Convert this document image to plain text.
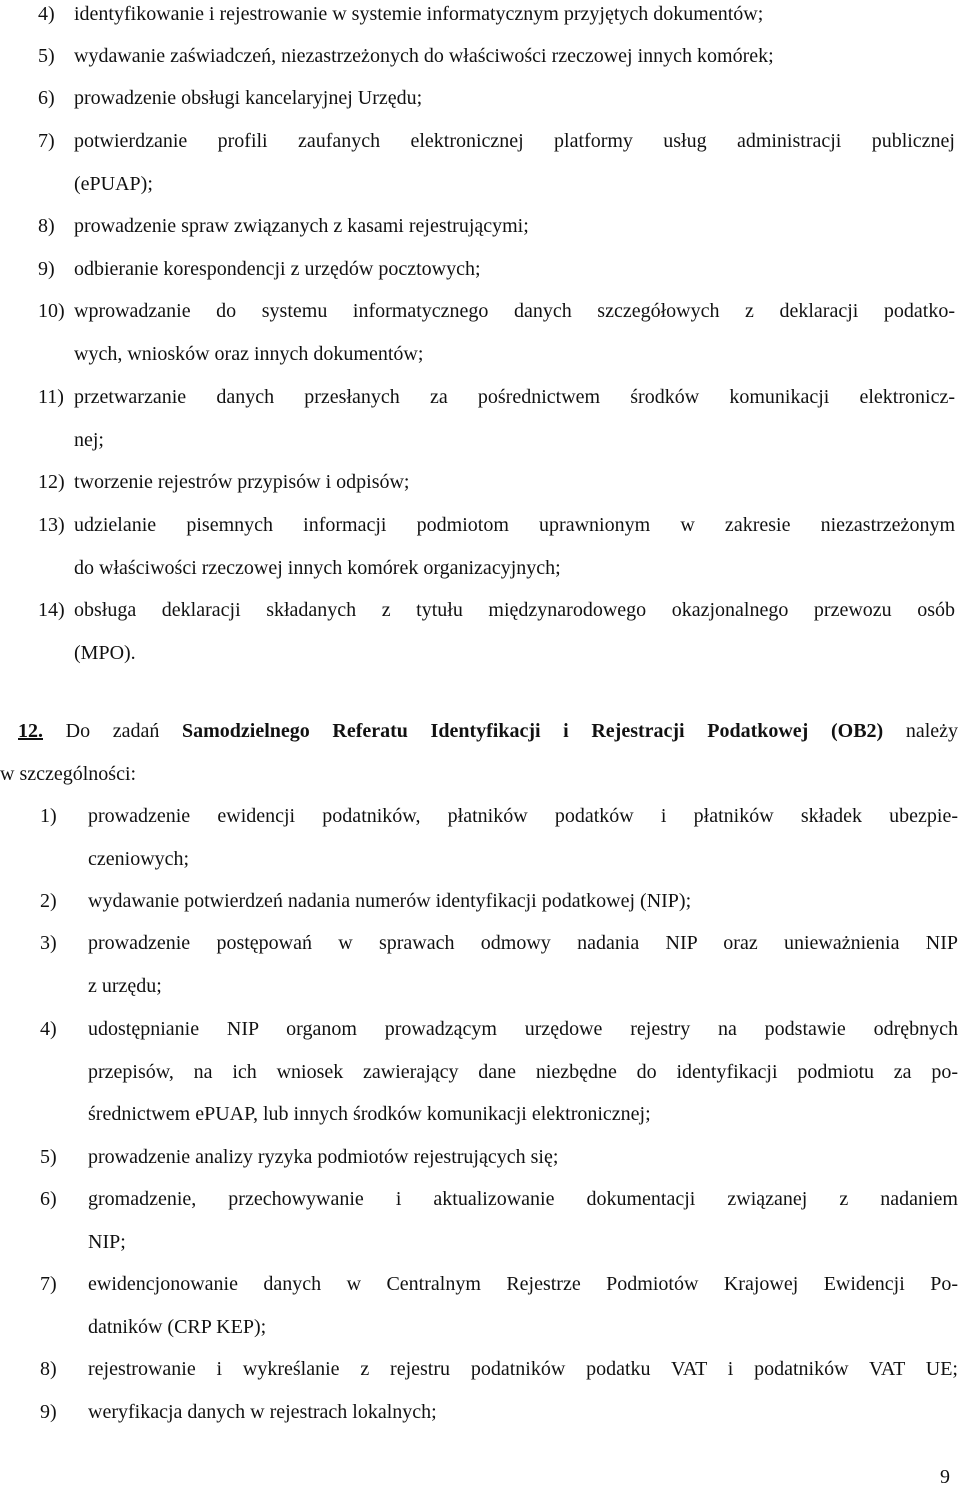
4) identyfikowanie i rejestrowanie w systemie informatycznym przyjętych dokumentów;
5) wydawanie zaświadczeń, niezastrzeżonych do właściwości rzeczowej innych komórek;
6) prowadzenie obsługi kancelaryjnej Urzędu;
7) potwierdzanie profili zaufanych elektronicznej platformy usług administracji publicznej
(ePUAP);
8) prowadzenie spraw związanych z kasami rejestrującymi;
9) odbieranie korespondencji z urzędów pocztowych;
10) wprowadzanie do systemu informatycznego danych szczegółowych z deklaracji podatko-
wych, wniosków oraz innych dokumentów;
11) przetwarzanie danych przesłanych za pośrednictwem środków komunikacji elektronicz-
nej;
12) tworzenie rejestrów przypisów i odpisów;
13) udzielanie pisemnych informacji podmiotom uprawnionym w zakresie niezastrzeżonym
do właściwości rzeczowej innych komórek organizacyjnych;
14) obsługa deklaracji składanych z tytułu międzynarodowego okazjonalnego przewozu osób
(MPO).
12. Do zadań Samodzielnego Referatu Identyfikacji i Rejestracji Podatkowej (OB2) należy
w szczególności:
1) prowadzenie ewidencji podatników, płatników podatków i płatników składek ubezpie-
czeniowych;
2) wydawanie potwierdzeń nadania numerów identyfikacji podatkowej (NIP);
3) prowadzenie postępowań w sprawach odmowy nadania NIP oraz unieważnienia NIP
z urzędu;
4) udostępnianie NIP organom prowadzącym urzędowe rejestry na podstawie odrębnych
przepisów, na ich wniosek zawierający dane niezbędne do identyfikacji podmiotu za po-
średnictwem ePUAP, lub innych środków komunikacji elektronicznej;
5) prowadzenie analizy ryzyka podmiotów rejestrujących się;
6) gromadzenie, przechowywanie i aktualizowanie dokumentacji związanej z nadaniem
NIP;
7) ewidencjonowanie danych w Centralnym Rejestrze Podmiotów Krajowej Ewidencji Po-
datników (CRP KEP);
8) rejestrowanie i wykreślanie z rejestru podatników podatku VAT i podatników VAT UE;
9) weryfikacja danych w rejestrach lokalnych;
9
